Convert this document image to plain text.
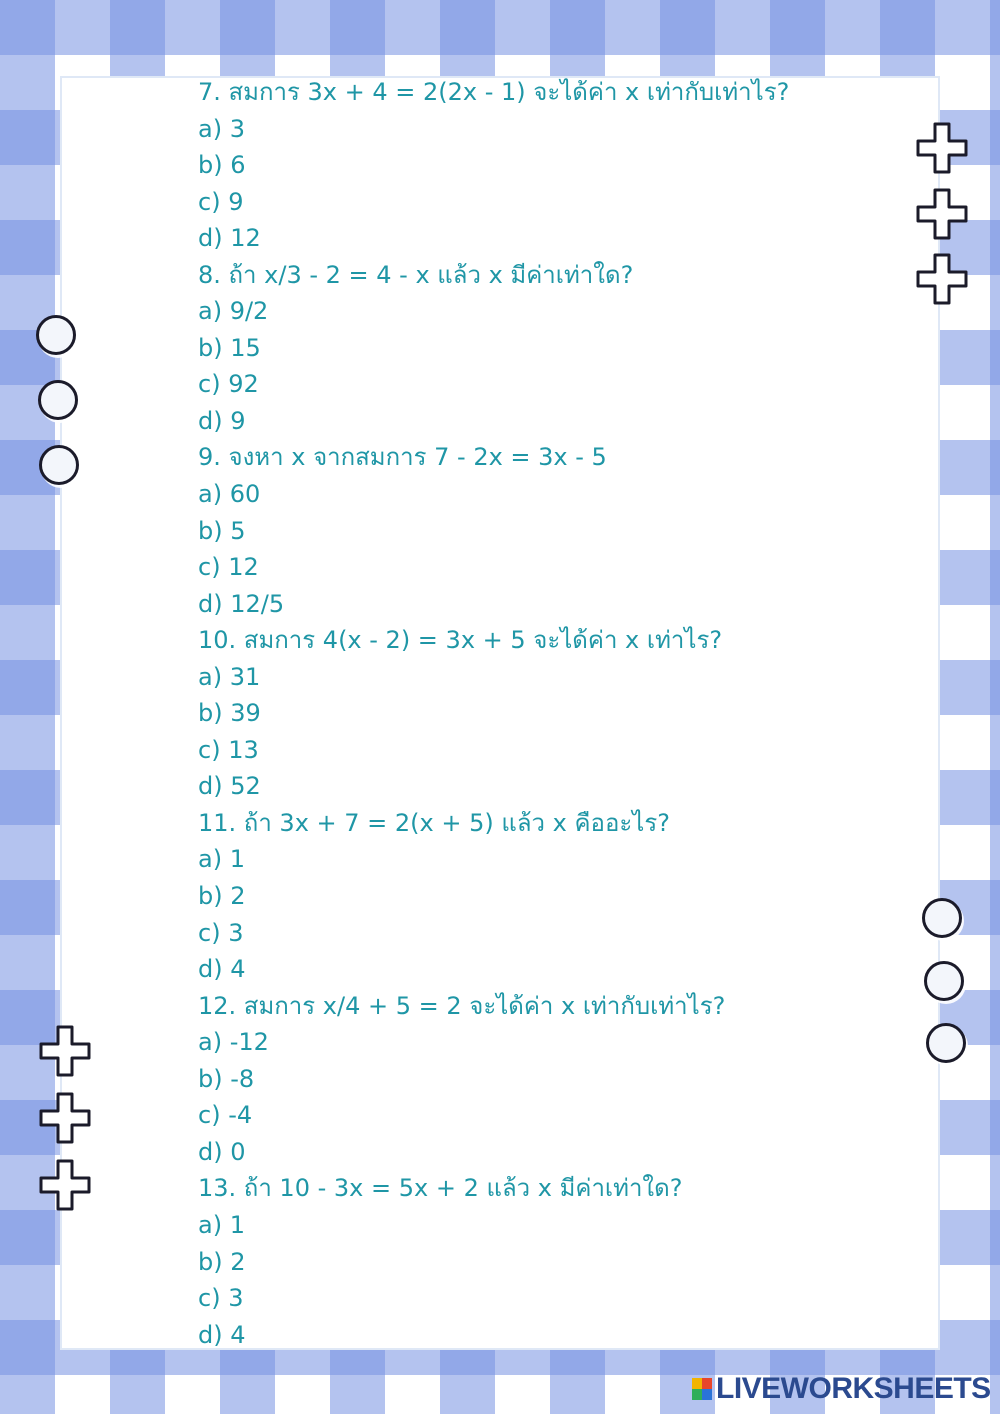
7. สมการ 3x + 4 = 2(2x - 1) จะได้ค่า x เท่ากับเท่าไร?
a) 3
b) 6
c) 9
d) 12
8. ถ้า x/3 - 2 = 4 - x แล้ว x มีค่าเท่าใด?
a) 9/2
b) 15
c) 92
d) 9
9. จงหา x จากสมการ 7 - 2x = 3x - 5
a) 60
b) 5
c) 12
d) 12/5
10. สมการ 4(x - 2) = 3x + 5 จะได้ค่า x เท่าไร?
a) 31
b) 39
c) 13
d) 52
11. ถ้า 3x + 7 = 2(x + 5) แล้ว x คืออะไร?
a) 1
b) 2
c) 3
d) 4
12. สมการ x/4 + 5 = 2 จะได้ค่า x เท่ากับเท่าไร?
a) -12
b) -8
c) -4
d) 0
13. ถ้า 10 - 3x = 5x + 2 แล้ว x มีค่าเท่าใด?
a) 1
b) 2
c) 3
d) 4
LIVEWORKSHEETS
